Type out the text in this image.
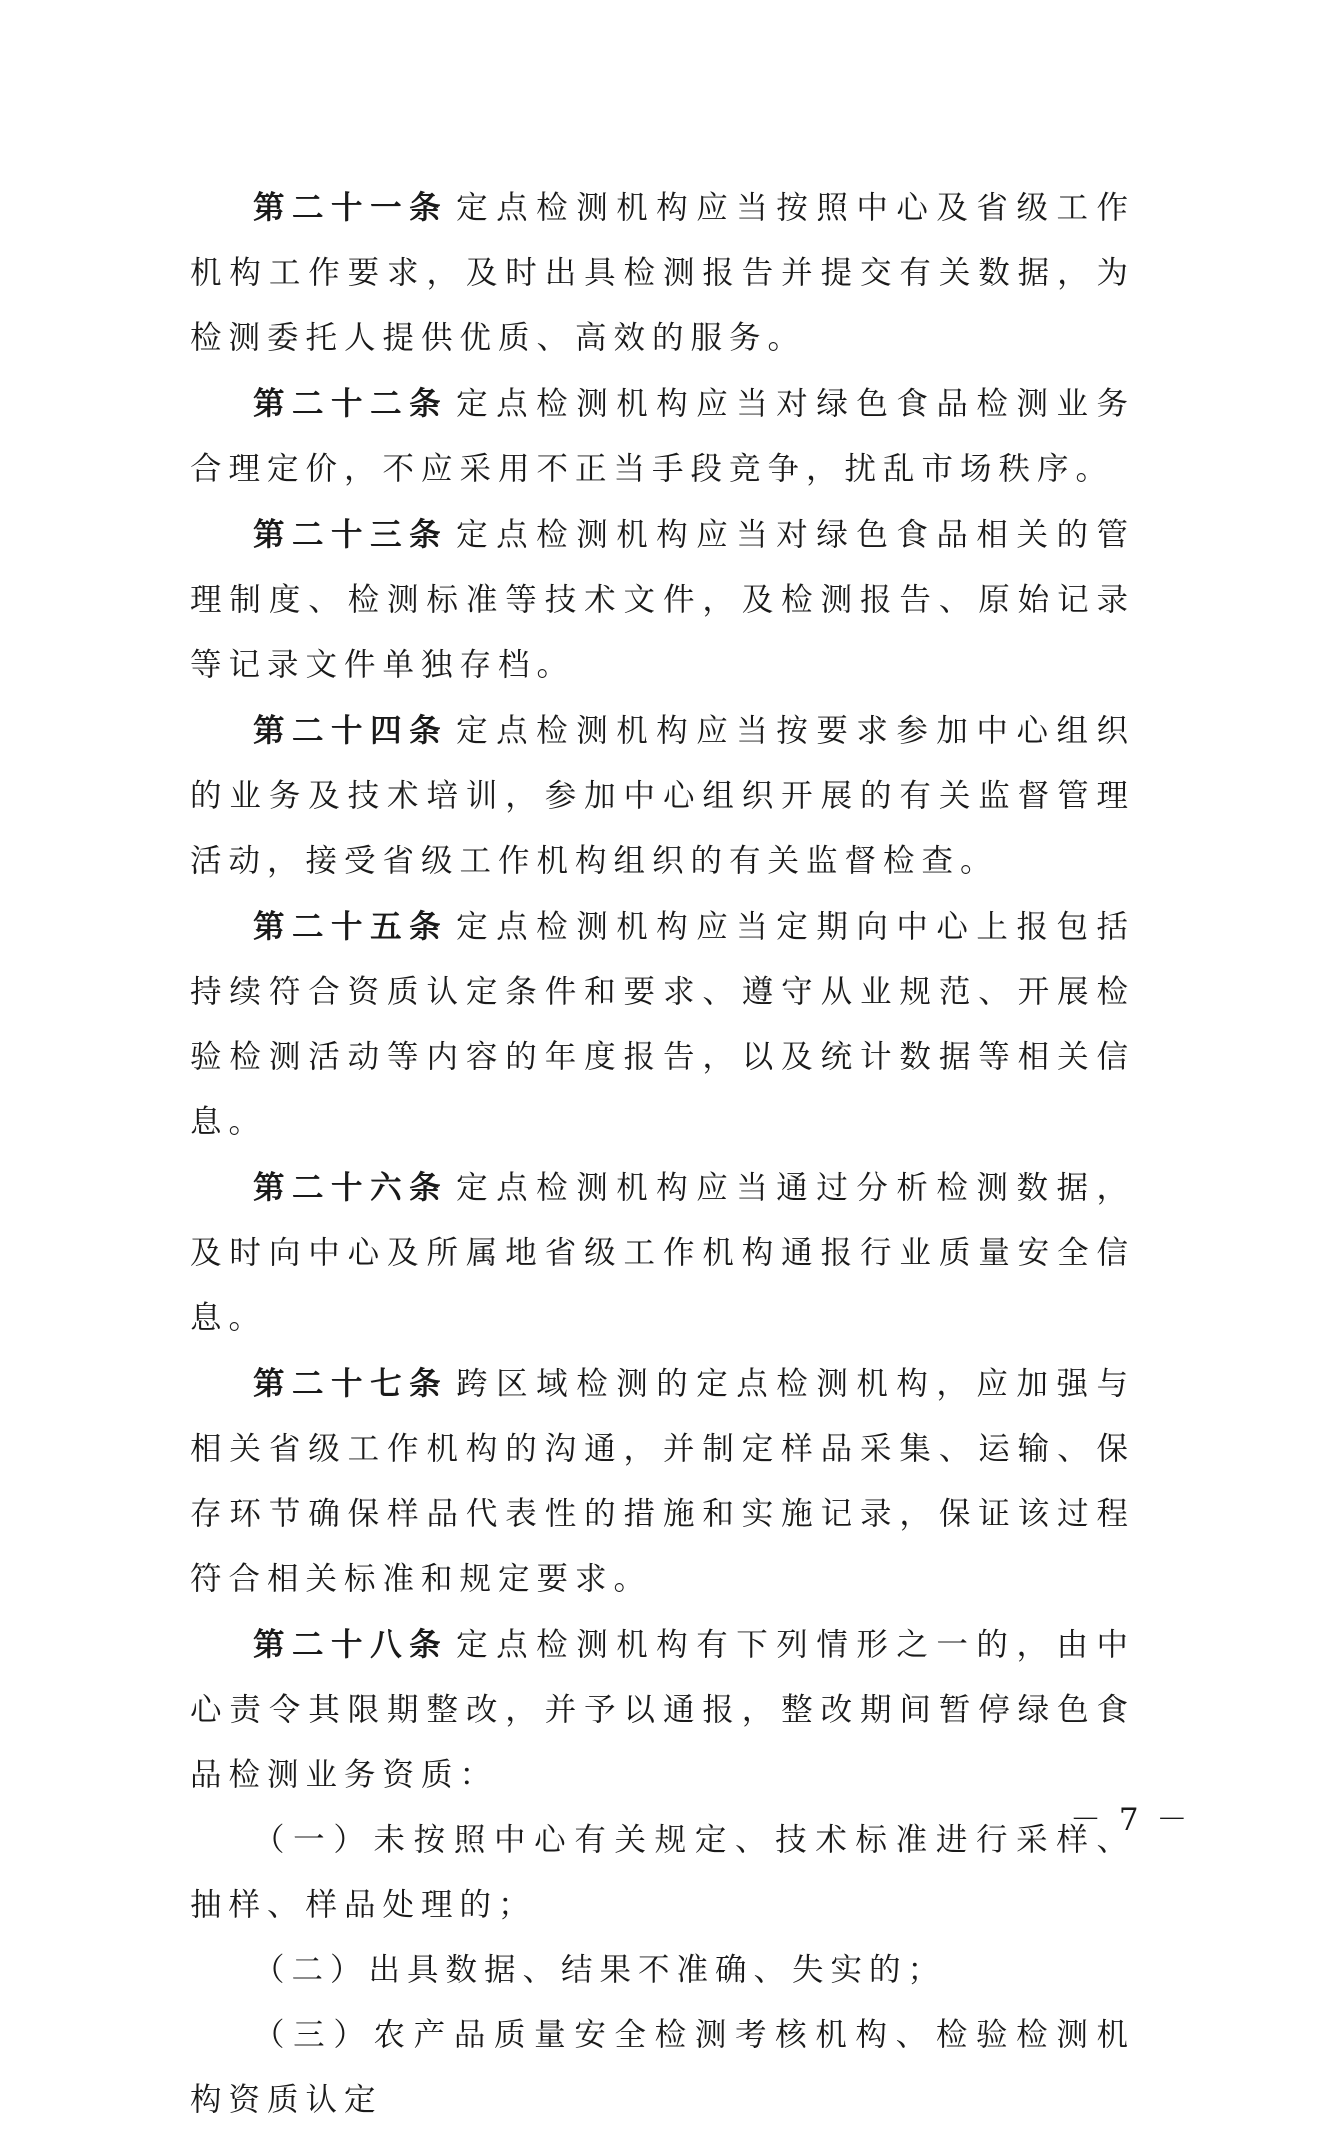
第二十一条 定点检测机构应当按照中心及省级工作机构工作要求，及时出具检测报告并提交有关数据，为检测委托人提供优质、高效的服务。

第二十二条 定点检测机构应当对绿色食品检测业务合理定价，不应采用不正当手段竞争，扰乱市场秩序。

第二十三条 定点检测机构应当对绿色食品相关的管理制度、检测标准等技术文件，及检测报告、原始记录等记录文件单独存档。

第二十四条 定点检测机构应当按要求参加中心组织的业务及技术培训，参加中心组织开展的有关监督管理活动，接受省级工作机构组织的有关监督检查。

第二十五条 定点检测机构应当定期向中心上报包括持续符合资质认定条件和要求、遵守从业规范、开展检验检测活动等内容的年度报告，以及统计数据等相关信息。

第二十六条 定点检测机构应当通过分析检测数据，及时向中心及所属地省级工作机构通报行业质量安全信息。

第二十七条 跨区域检测的定点检测机构，应加强与相关省级工作机构的沟通，并制定样品采集、运输、保存环节确保样品代表性的措施和实施记录，保证该过程符合相关标准和规定要求。

第二十八条 定点检测机构有下列情形之一的，由中心责令其限期整改，并予以通报，整改期间暂停绿色食品检测业务资质：

（一）未按照中心有关规定、技术标准进行采样、抽样、样品处理的；

（二）出具数据、结果不准确、失实的；

（三）农产品质量安全检测考核机构、检验检测机构资质认定

－ 7 －
